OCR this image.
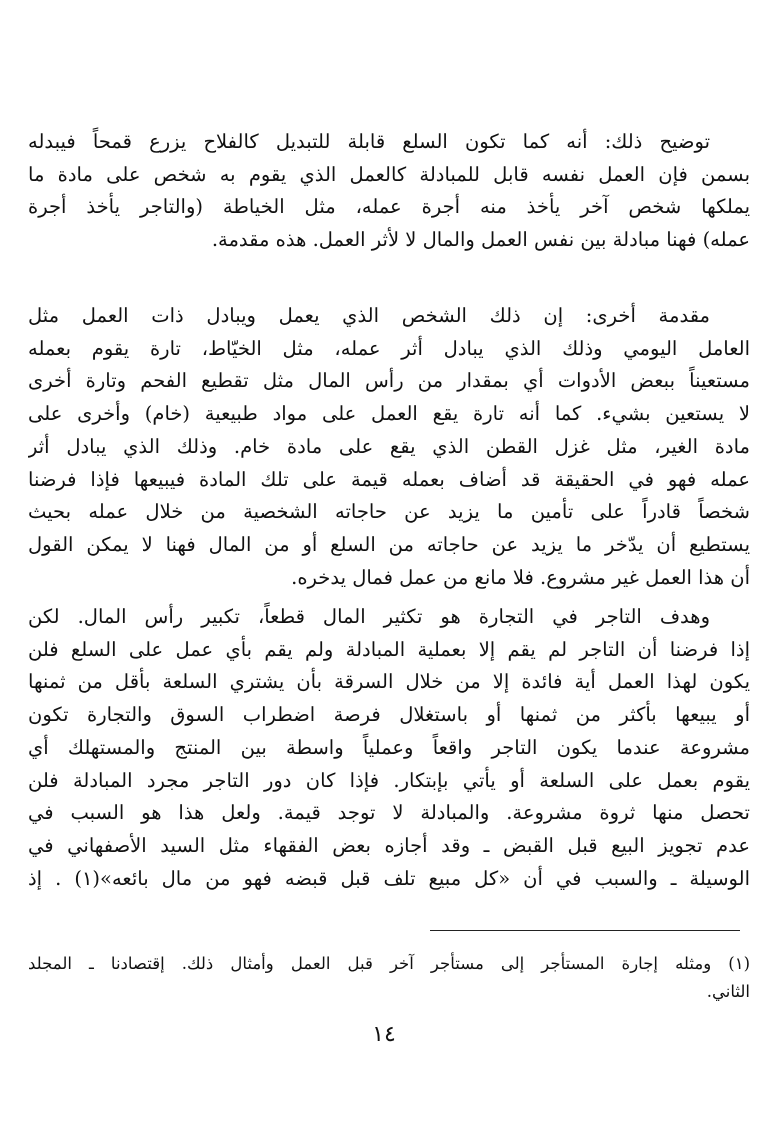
توضيح ذلك: أنه كما تكون السلع قابلة للتبديل كالفلاح يزرع قمحاً فيبدله
بسمن فإن العمل نفسه قابل للمبادلة كالعمل الذي يقوم به شخص على مادة ما
يملكها شخص آخر يأخذ منه أجرة عمله، مثل الخياطة (والتاجر يأخذ أجرة
عمله) فهنا مبادلة بين نفس العمل والمال لا لأثر العمل. هذه مقدمة.
مقدمة أخرى: إن ذلك الشخص الذي يعمل ويبادل ذات العمل مثل
العامل اليومي وذلك الذي يبادل أثر عمله، مثل الخيّاط، تارة يقوم بعمله
مستعيناً ببعض الأدوات أي بمقدار من رأس المال مثل تقطيع الفحم وتارة أخرى
لا يستعين بشيء. كما أنه تارة يقع العمل على مواد طبيعية (خام) وأخرى على
مادة الغير، مثل غزل القطن الذي يقع على مادة خام. وذلك الذي يبادل أثر
عمله فهو في الحقيقة قد أضاف بعمله قيمة على تلك المادة فيبيعها فإذا فرضنا
شخصاً قادراً على تأمين ما يزيد عن حاجاته الشخصية من خلال عمله بحيث
يستطيع أن يدّخر ما يزيد عن حاجاته من السلع أو من المال فهنا لا يمكن القول
أن هذا العمل غير مشروع. فلا مانع من عمل فمال يدخره.
وهدف التاجر في التجارة هو تكثير المال قطعاً، تكبير رأس المال. لكن
إذا فرضنا أن التاجر لم يقم إلا بعملية المبادلة ولم يقم بأي عمل على السلع فلن
يكون لهذا العمل أية فائدة إلا من خلال السرقة بأن يشتري السلعة بأقل من ثمنها
أو يبيعها بأكثر من ثمنها أو باستغلال فرصة اضطراب السوق والتجارة تكون
مشروعة عندما يكون التاجر واقعاً وعملياً واسطة بين المنتج والمستهلك أي
يقوم بعمل على السلعة أو يأتي بإبتكار. فإذا كان دور التاجر مجرد المبادلة فلن
تحصل منها ثروة مشروعة. والمبادلة لا توجد قيمة. ولعل هذا هو السبب في
عدم تجويز البيع قبل القبض ـ وقد أجازه بعض الفقهاء مثل السيد الأصفهاني في
الوسيلة ـ والسبب في أن «كل مبيع تلف قبل قبضه فهو من مال بائعه»(١) . إذ
(١) ومثله إجارة المستأجر إلى مستأجر آخر قبل العمل وأمثال ذلك. إقتصادنا ـ المجلد
الثاني.
١٤
